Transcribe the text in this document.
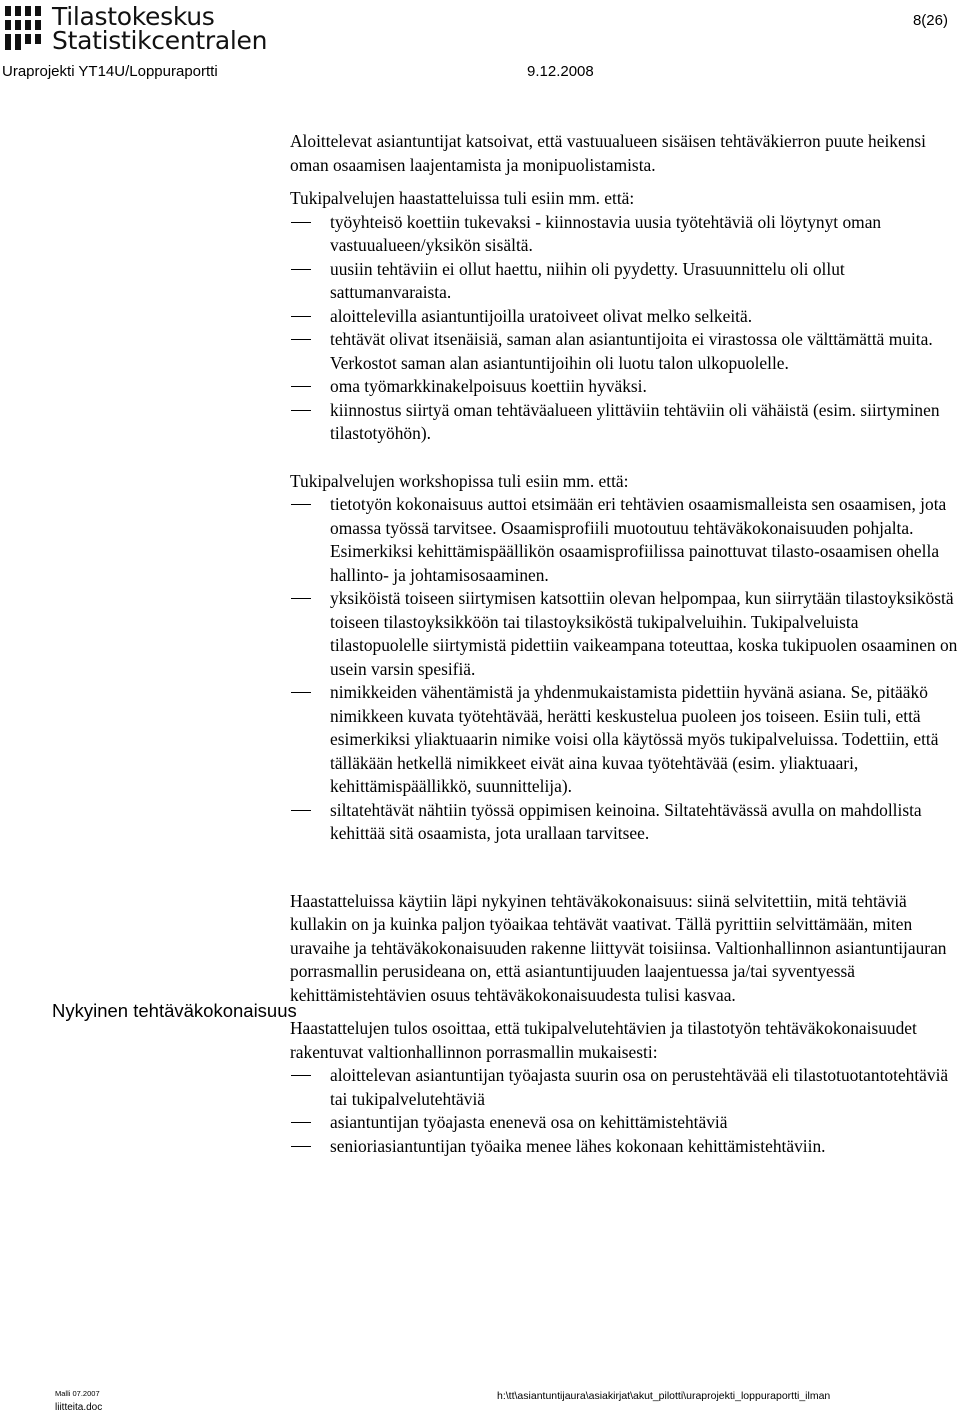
Tilastokeskus
Statistikcentralen
8(26)
Uraprojekti YT14U/Loppuraportti	9.12.2008

Aloittelevat asiantuntijat katsoivat, että vastuualueen sisäisen tehtäväkierron puute heikensi oman osaamisen laajentamista ja monipuolistamista.

Tukipalvelujen haastatteluissa tuli esiin mm. että:

työyhteisö koettiin tukevaksi - kiinnostavia uusia työtehtäviä oli löytynyt oman vastuualueen/yksikön sisältä.
uusiin tehtäviin ei ollut haettu, niihin oli pyydetty. Urasuunnittelu oli ollut sattumanvaraista.
aloittelevilla asiantuntijoilla uratoiveet olivat melko selkeitä.
tehtävät olivat itsenäisiä, saman alan asiantuntijoita ei virastossa ole välttämättä muita. Verkostot saman alan asiantuntijoihin oli luotu talon ulkopuolelle.
oma työmarkkinakelpoisuus koettiin hyväksi.
kiinnostus siirtyä oman tehtäväalueen ylittäviin tehtäviin oli vähäistä (esim. siirtyminen tilastotyöhön).

Tukipalvelujen workshopissa tuli esiin mm. että:

tietotyön kokonaisuus auttoi etsimään eri tehtävien osaamismalleista sen osaamisen, jota omassa työssä tarvitsee. Osaamisprofiili muotoutuu tehtäväkokonaisuuden pohjalta. Esimerkiksi kehittämispäällikön osaamisprofiilissa painottuvat tilasto-osaamisen ohella hallinto- ja johtamisosaaminen.
yksiköistä toiseen siirtymisen katsottiin olevan helpompaa, kun siirrytään tilastoyksiköstä toiseen tilastoyksikköön tai tilastoyksiköstä tukipalveluihin. Tukipalveluista tilastopuolelle siirtymistä pidettiin vaikeampana toteuttaa, koska tukipuolen osaaminen on usein varsin spesifiä.
nimikkeiden vähentämistä ja yhdenmukaistamista pidettiin hyvänä asiana. Se, pitääkö nimikkeen kuvata työtehtävää, herätti keskustelua puoleen jos toiseen. Esiin tuli, että esimerkiksi yliaktuaarin nimike voisi olla käytössä myös tukipalveluissa. Todettiin, että tälläkään hetkellä nimikkeet eivät aina kuvaa työtehtävää (esim. yliaktuaari, kehittämispäällikkö, suunnittelija).
siltatehtävät nähtiin työssä oppimisen keinoina. Siltatehtävässä avulla on mahdollista kehittää sitä osaamista, jota urallaan tarvitsee.

Haastatteluissa käytiin läpi nykyinen tehtäväkokonaisuus: siinä selvitettiin, mitä tehtäviä kullakin on ja kuinka paljon työaikaa tehtävät vaativat. Tällä pyrittiin selvittämään, miten uravaihe ja tehtäväkokonaisuuden rakenne liittyvät toisiinsa. Valtionhallinnon asiantuntijauran porrasmallin perusideana on, että asiantuntijuuden laajentuessa ja/tai syventyessä kehittämistehtävien osuus tehtäväkokonaisuudesta tulisi kasvaa.

Haastattelujen tulos osoittaa, että tukipalvelutehtävien ja tilastotyön tehtäväkokonaisuudet rakentuvat valtionhallinnon porrasmallin mukaisesti:

aloittelevan asiantuntijan työajasta suurin osa on perustehtävää eli tilastotuotantotehtäviä tai tukipalvelutehtäviä
asiantuntijan työajasta enenevä osa on kehittämistehtäviä
senioriasiantuntijan työaika menee lähes kokonaan kehittämistehtäviin.
Nykyinen tehtäväkokonaisuus
Malli 07.2007
liitteita.doc
h:\tt\asiantuntijaura\asiakirjat\akut_pilotti\uraprojekti_loppuraportti_ilman
